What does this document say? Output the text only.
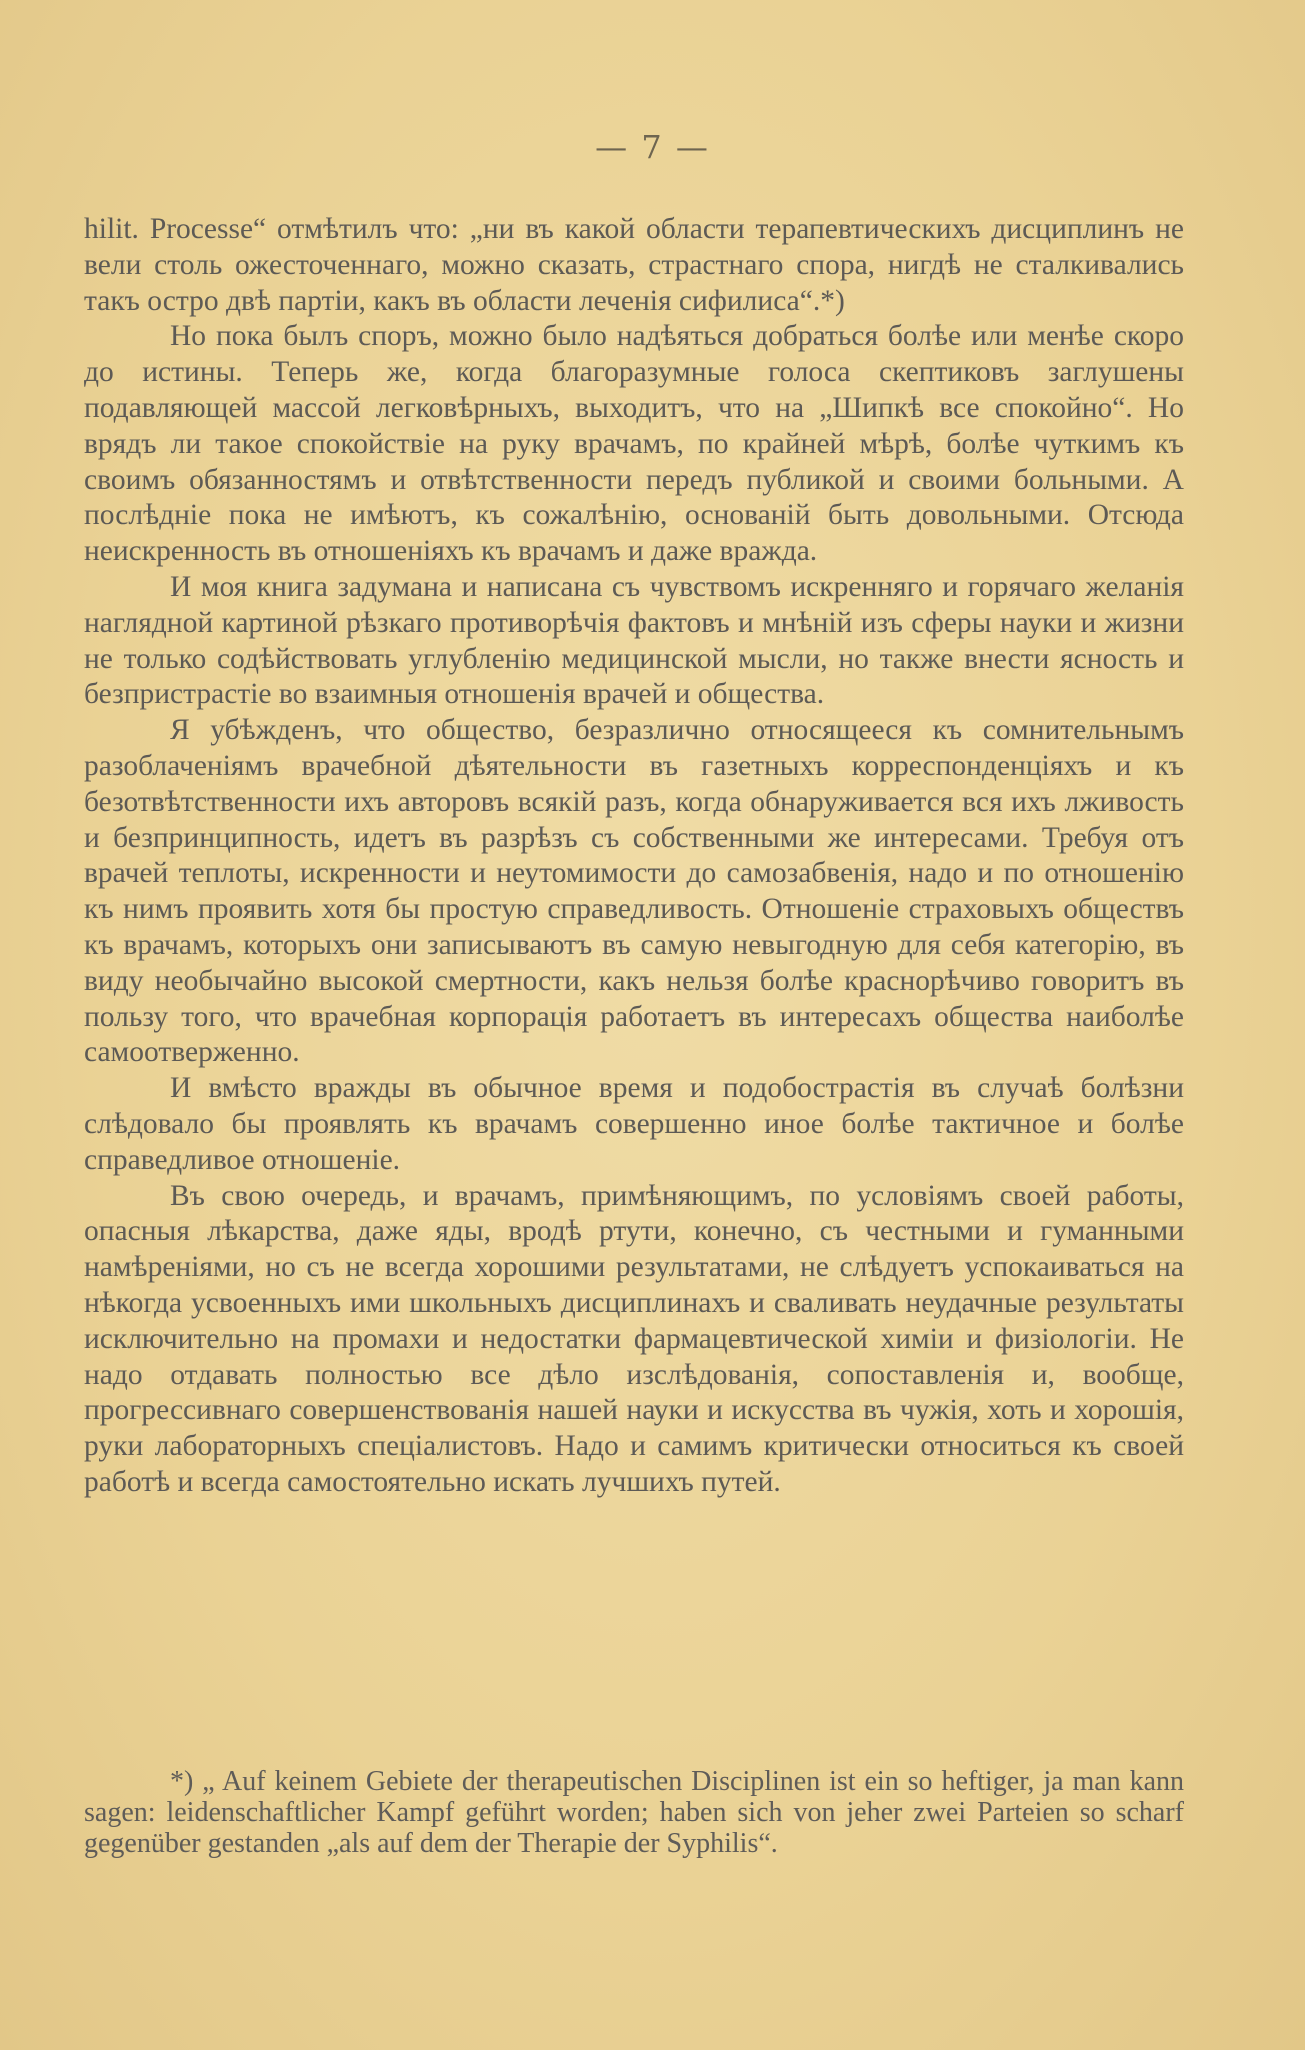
— 7 —

hilit. Processe“ отмѣтилъ что: „ни въ какой области терапевтическихъ дисциплинъ не вели столь ожесточеннаго, можно сказать, страстнаго спора, нигдѣ не сталкивались такъ остро двѣ партіи, какъ въ области леченія сифилиса“.*)

Но пока былъ споръ, можно было надѣяться добраться болѣе или менѣе скоро до истины. Теперь же, когда благоразумные голоса скептиковъ заглушены подавляющей массой легковѣрныхъ, выходитъ, что на „Шипкѣ все спокойно“. Но врядъ ли такое спокойствіе на руку врачамъ, по крайней мѣрѣ, болѣе чуткимъ къ своимъ обязанностямъ и отвѣтственности передъ публикой и своими больными. А послѣдніе пока не имѣютъ, къ сожалѣнію, основаній быть довольными. Отсюда неискренность въ отношеніяхъ къ врачамъ и даже вражда.

И моя книга задумана и написана съ чувствомъ искренняго и горячаго желанія наглядной картиной рѣзкаго противорѣчія фактовъ и мнѣній изъ сферы науки и жизни не только содѣйствовать углубленію медицинской мысли, но также внести ясность и безпристрастіе во взаимныя отношенія врачей и общества.

Я убѣжденъ, что общество, безразлично относящееся къ сомнительнымъ разоблаченіямъ врачебной дѣятельности въ газетныхъ корреспонденціяхъ и къ безотвѣтственности ихъ авторовъ всякій разъ, когда обнаруживается вся ихъ лживость и безпринципность, идетъ въ разрѣзъ съ собственными же интересами. Требуя отъ врачей теплоты, искренности и неутомимости до самозабвенія, надо и по отношенію къ нимъ проявить хотя бы простую справедливость. Отношеніе страховыхъ обществъ къ врачамъ, которыхъ они записываютъ въ самую невыгодную для себя категорію, въ виду необычайно высокой смертности, какъ нельзя болѣе краснорѣчиво говоритъ въ пользу того, что врачебная корпорація работаетъ въ интересахъ общества наиболѣе самоотверженно.

И вмѣсто вражды въ обычное время и подобострастія въ случаѣ болѣзни слѣдовало бы проявлять къ врачамъ совершенно иное болѣе тактичное и болѣе справедливое отношеніе.

Въ свою очередь, и врачамъ, примѣняющимъ, по условіямъ своей работы, опасныя лѣкарства, даже яды, вродѣ ртути, конечно, съ честными и гуманными намѣреніями, но съ не всегда хорошими результатами, не слѣдуетъ успокаиваться на нѣкогда усвоенныхъ ими школьныхъ дисциплинахъ и сваливать неудачные результаты исключительно на промахи и недостатки фармацевтической химіи и физіологіи. Не надо отдавать полностью все дѣло изслѣдованія, сопоставленія и, вообще, прогрессивнаго совершенствованія нашей науки и искусства въ чужія, хоть и хорошія, руки лабораторныхъ спеціалистовъ. Надо и самимъ критически относиться къ своей работѣ и всегда самостоятельно искать лучшихъ путей.

*) „ Auf keinem Gebiete der therapeutischen Disciplinen ist ein so heftiger, ja man kann sagen: leidenschaftlicher Kampf geführt worden; haben sich von jeher zwei Parteien so scharf gegenüber gestanden „als auf dem der Therapie der Syphilis“.
